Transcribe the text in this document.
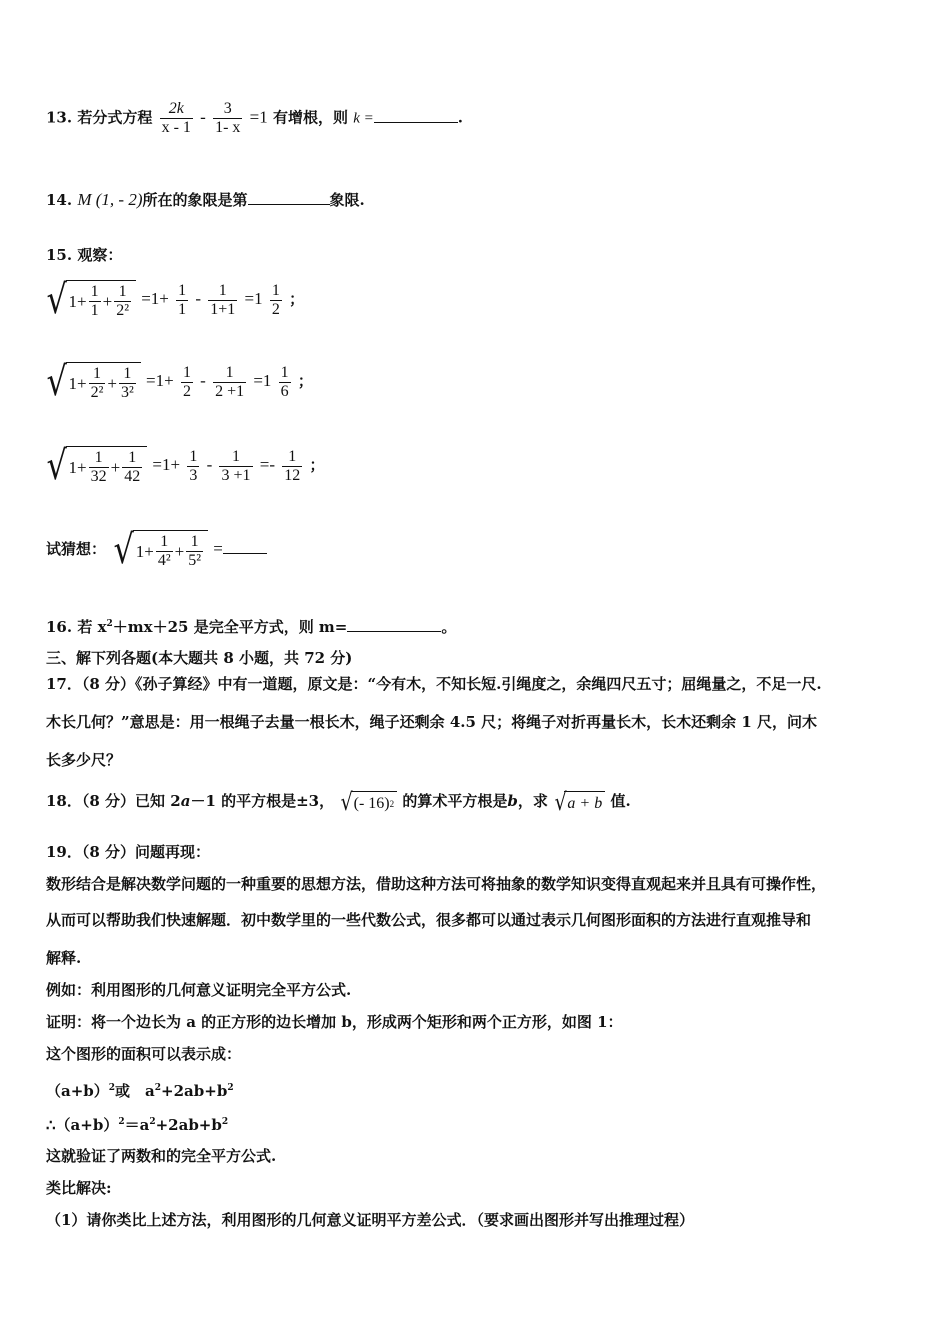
13. 若分式方程 $\frac{2k}{x - 1} - \frac{3}{1- x} =1$ 有增根，则 k =	.
14. M (1, - 2)所在的象限是第	象限.
15. 观察：
√ $1+ \frac{1}{1} + \frac{1}{\text{2²}} =1+ \frac{1}{1} - \frac{1}{1+1} =1 \frac{1}{2}$ ；
√ $1+ \frac{1}{\text{2²}} + \frac{1}{\text{3²}} =1+ \frac{1}{2} - \frac{1}{2 +1} =1 \frac{1}{6}$ ；
√ $1+ \frac{1}{32} + \frac{1}{42} =1+ \frac{1}{3} - \frac{1}{3 +1} =- \frac{1}{12}$ ；
试猜想： √ $1+ \frac{1}{\text{4²}} + \frac{1}{\text{5²}}$ =
16. 若 $x^2+mx+25$ 是完全平方式，则 m=	。
三、解下列各题(本大题共 8 小题，共 72 分)
17．（8 分）《孙子算经》中有一道题，原文是：“今有木，不知长短.引绳度之，余绳四尺五寸；屈绳量之，不足一尺.
木长几何？”意思是：用一根绳子去量一根长木，绳子还剩余 4.5 尺；将绳子对折再量长木，长木还剩余 1 尺，问木
长多少尺？
18．（8 分）已知 2a－1 的平方根是±3， √ (- 16) 2 的算术平方根是b，求 √ a + b 值.
19．（8 分）问题再现：
数形结合是解决数学问题的一种重要的思想方法，借助这种方法可将抽象的数学知识变得直观起来并且具有可操作性，
从而可以帮助我们快速解题．初中数学里的一些代数公式，很多都可以通过表示几何图形面积的方法进行直观推导和
解释.
例如：利用图形的几何意义证明完全平方公式.
证明：将一个边长为 a 的正方形的边长增加 b，形成两个矩形和两个正方形，如图 1：
这个图形的面积可以表示成：
$(a+b)^2$或　$a^2+2ab+b^2$
$\therefore(a+b)^2=a^2+2ab+b^2$
这就验证了两数和的完全平方公式.
类比解决:
（1）请你类比上述方法，利用图形的几何意义证明平方差公式．（要求画出图形并写出推理过程）
